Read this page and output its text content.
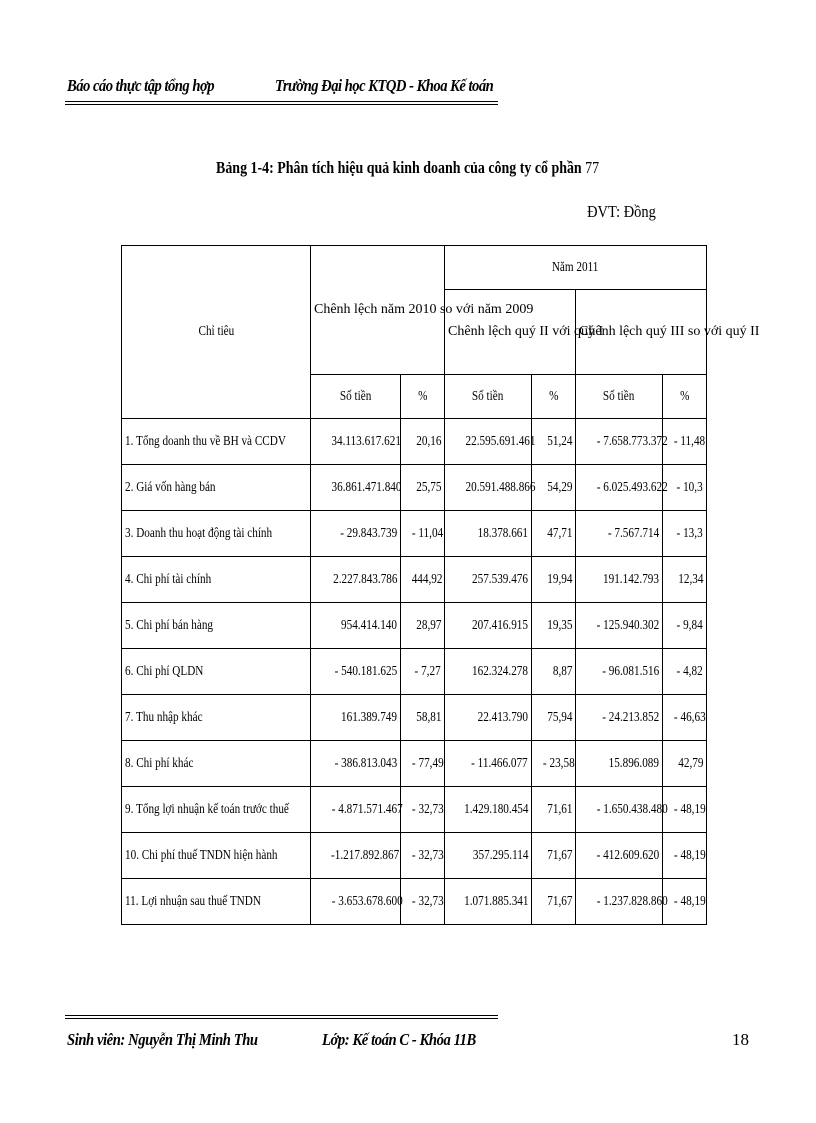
Báo cáo thực tập tổng hợp	Trường Đại học KTQD - Khoa Kế toán
Bảng 1-4: Phân tích hiệu quả kinh doanh của công ty cổ phần 77
ĐVT: Đồng
Chỉ tiêu	Chênh lệch năm 2010 so với năm 2009		Năm 2011			
			Chênh lệch quý II với quý I		Chênh lệch quý III so với quý II	
	Số tiền	%	Số tiền	%	Số tiền	%
1. Tổng doanh thu về BH và CCDV	34.113.617.621	20,16	22.595.691.461	51,24	- 7.658.773.372	- 11,48
2. Giá vốn hàng bán	36.861.471.840	25,75	20.591.488.866	54,29	- 6.025.493.622	- 10,3
3. Doanh thu hoạt động tài chính	- 29.843.739	- 11,04	18.378.661	47,71	- 7.567.714	- 13,3
4. Chi phí tài chính	2.227.843.786	444,92	257.539.476	19,94	191.142.793	12,34
5. Chi phí bán hàng	954.414.140	28,97	207.416.915	19,35	- 125.940.302	- 9,84
6. Chi phí QLDN	- 540.181.625	- 7,27	162.324.278	8,87	- 96.081.516	- 4,82
7. Thu nhập khác	161.389.749	58,81	22.413.790	75,94	- 24.213.852	- 46,63
8. Chi phí khác	- 386.813.043	- 77,49	- 11.466.077	- 23,58	15.896.089	42,79
9. Tổng lợi nhuận kế toán trước thuế	- 4.871.571.467	- 32,73	1.429.180.454	71,61	- 1.650.438.480	- 48,19
10. Chi phí thuế TNDN hiện hành	-1.217.892.867	- 32,73	357.295.114	71,67	- 412.609.620	- 48,19
11. Lợi nhuận sau thuế TNDN	- 3.653.678.600	- 32,73	1.071.885.341	71,67	- 1.237.828.860	- 48,19
Sinh viên: Nguyễn Thị Minh Thu	Lớp: Kế toán C - Khóa 11B	18
